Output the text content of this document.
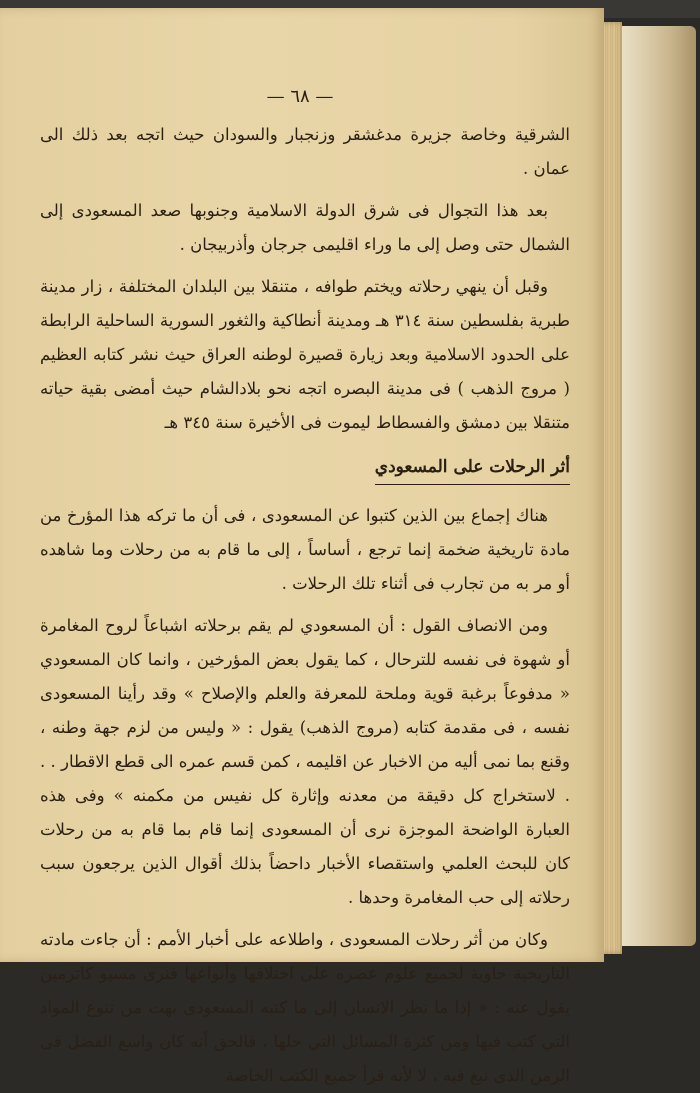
— ٦٨ —

الشرقية وخاصة جزيرة مدغشقر وزنجبار والسودان حيث اتجه بعد ذلك الى عمان .

بعد هذا التجوال فى شرق الدولة الاسلامية وجنوبها صعد المسعودى إلى الشمال حتى وصل إلى ما وراء اقليمى جرجان وأذربيجان .

وقبل أن ينهي رحلاته ويختم طوافه ، متنقلا بين البلدان المختلفة ، زار مدينة طبرية بفلسطين سنة ٣١٤ هـ ومدينة أنطاكية والثغور السورية الساحلية الرابطة على الحدود الاسلامية وبعد زيارة قصيرة لوطنه العراق حيث نشر كتابه العظيم ( مروج الذهب ) فى مدينة البصره اتجه نحو بلادالشام حيث أمضى بقية حياته متنقلا بين دمشق والفسطاط ليموت فى الأخيرة سنة ٣٤٥ هـ

أثر الرحلات على المسعودي

هناك إجماع بين الذين كتبوا عن المسعودى ، فى أن ما تركه هذا المؤرخ من مادة تاريخية ضخمة إنما ترجع ، أساساً ، إلى ما قام به من رحلات وما شاهده أو مر به من تجارب فى أثناء تلك الرحلات .

ومن الانصاف القول : أن المسعودي لم يقم برحلاته اشباعاً لروح المغامرة أو شهوة فى نفسه للترحال ، كما يقول بعض المؤرخين ، وانما كان المسعودي « مدفوعاً برغبة قوية وملحة للمعرفة والعلم والإصلاح » وقد رأينا المسعودى نفسه ، فى مقدمة كتابه (مروج الذهب) يقول : « وليس من لزم جهة وطنه ، وقنع بما نمى أليه من الاخبار عن اقليمه ، كمن قسم عمره الى قطع الاقطار . . . لاستخراج كل دقيقة من معدنه وإثارة كل نفيس من مكمنه » وفى هذه العبارة الواضحة الموجزة نرى أن المسعودى إنما قام بما قام به من رحلات كان للبحث العلمي واستقصاء الأخبار داحضاً بذلك أقوال الذين يرجعون سبب رحلاته إلى حب المغامرة وحدها .

وكان من أثر رحلات المسعودى ، واطلاعه على أخبار الأمم : أن جاءت مادته التاريخية حاوية لجميع علوم عصره على اختلافها وأنواعها فنرى مسيو كاترمين يقول عنه : « إذا ما نظر الانسان إلى ما كتبه المسعودى بهت من تنوع المواد التي كتب فيها ومن كثرة المسائل التي حلها ، فالحق أنه كان واسع الفضل فى الزمن الذى نبغ فيه ، لا لأنه قرأ جميع الكتب الخاصة
